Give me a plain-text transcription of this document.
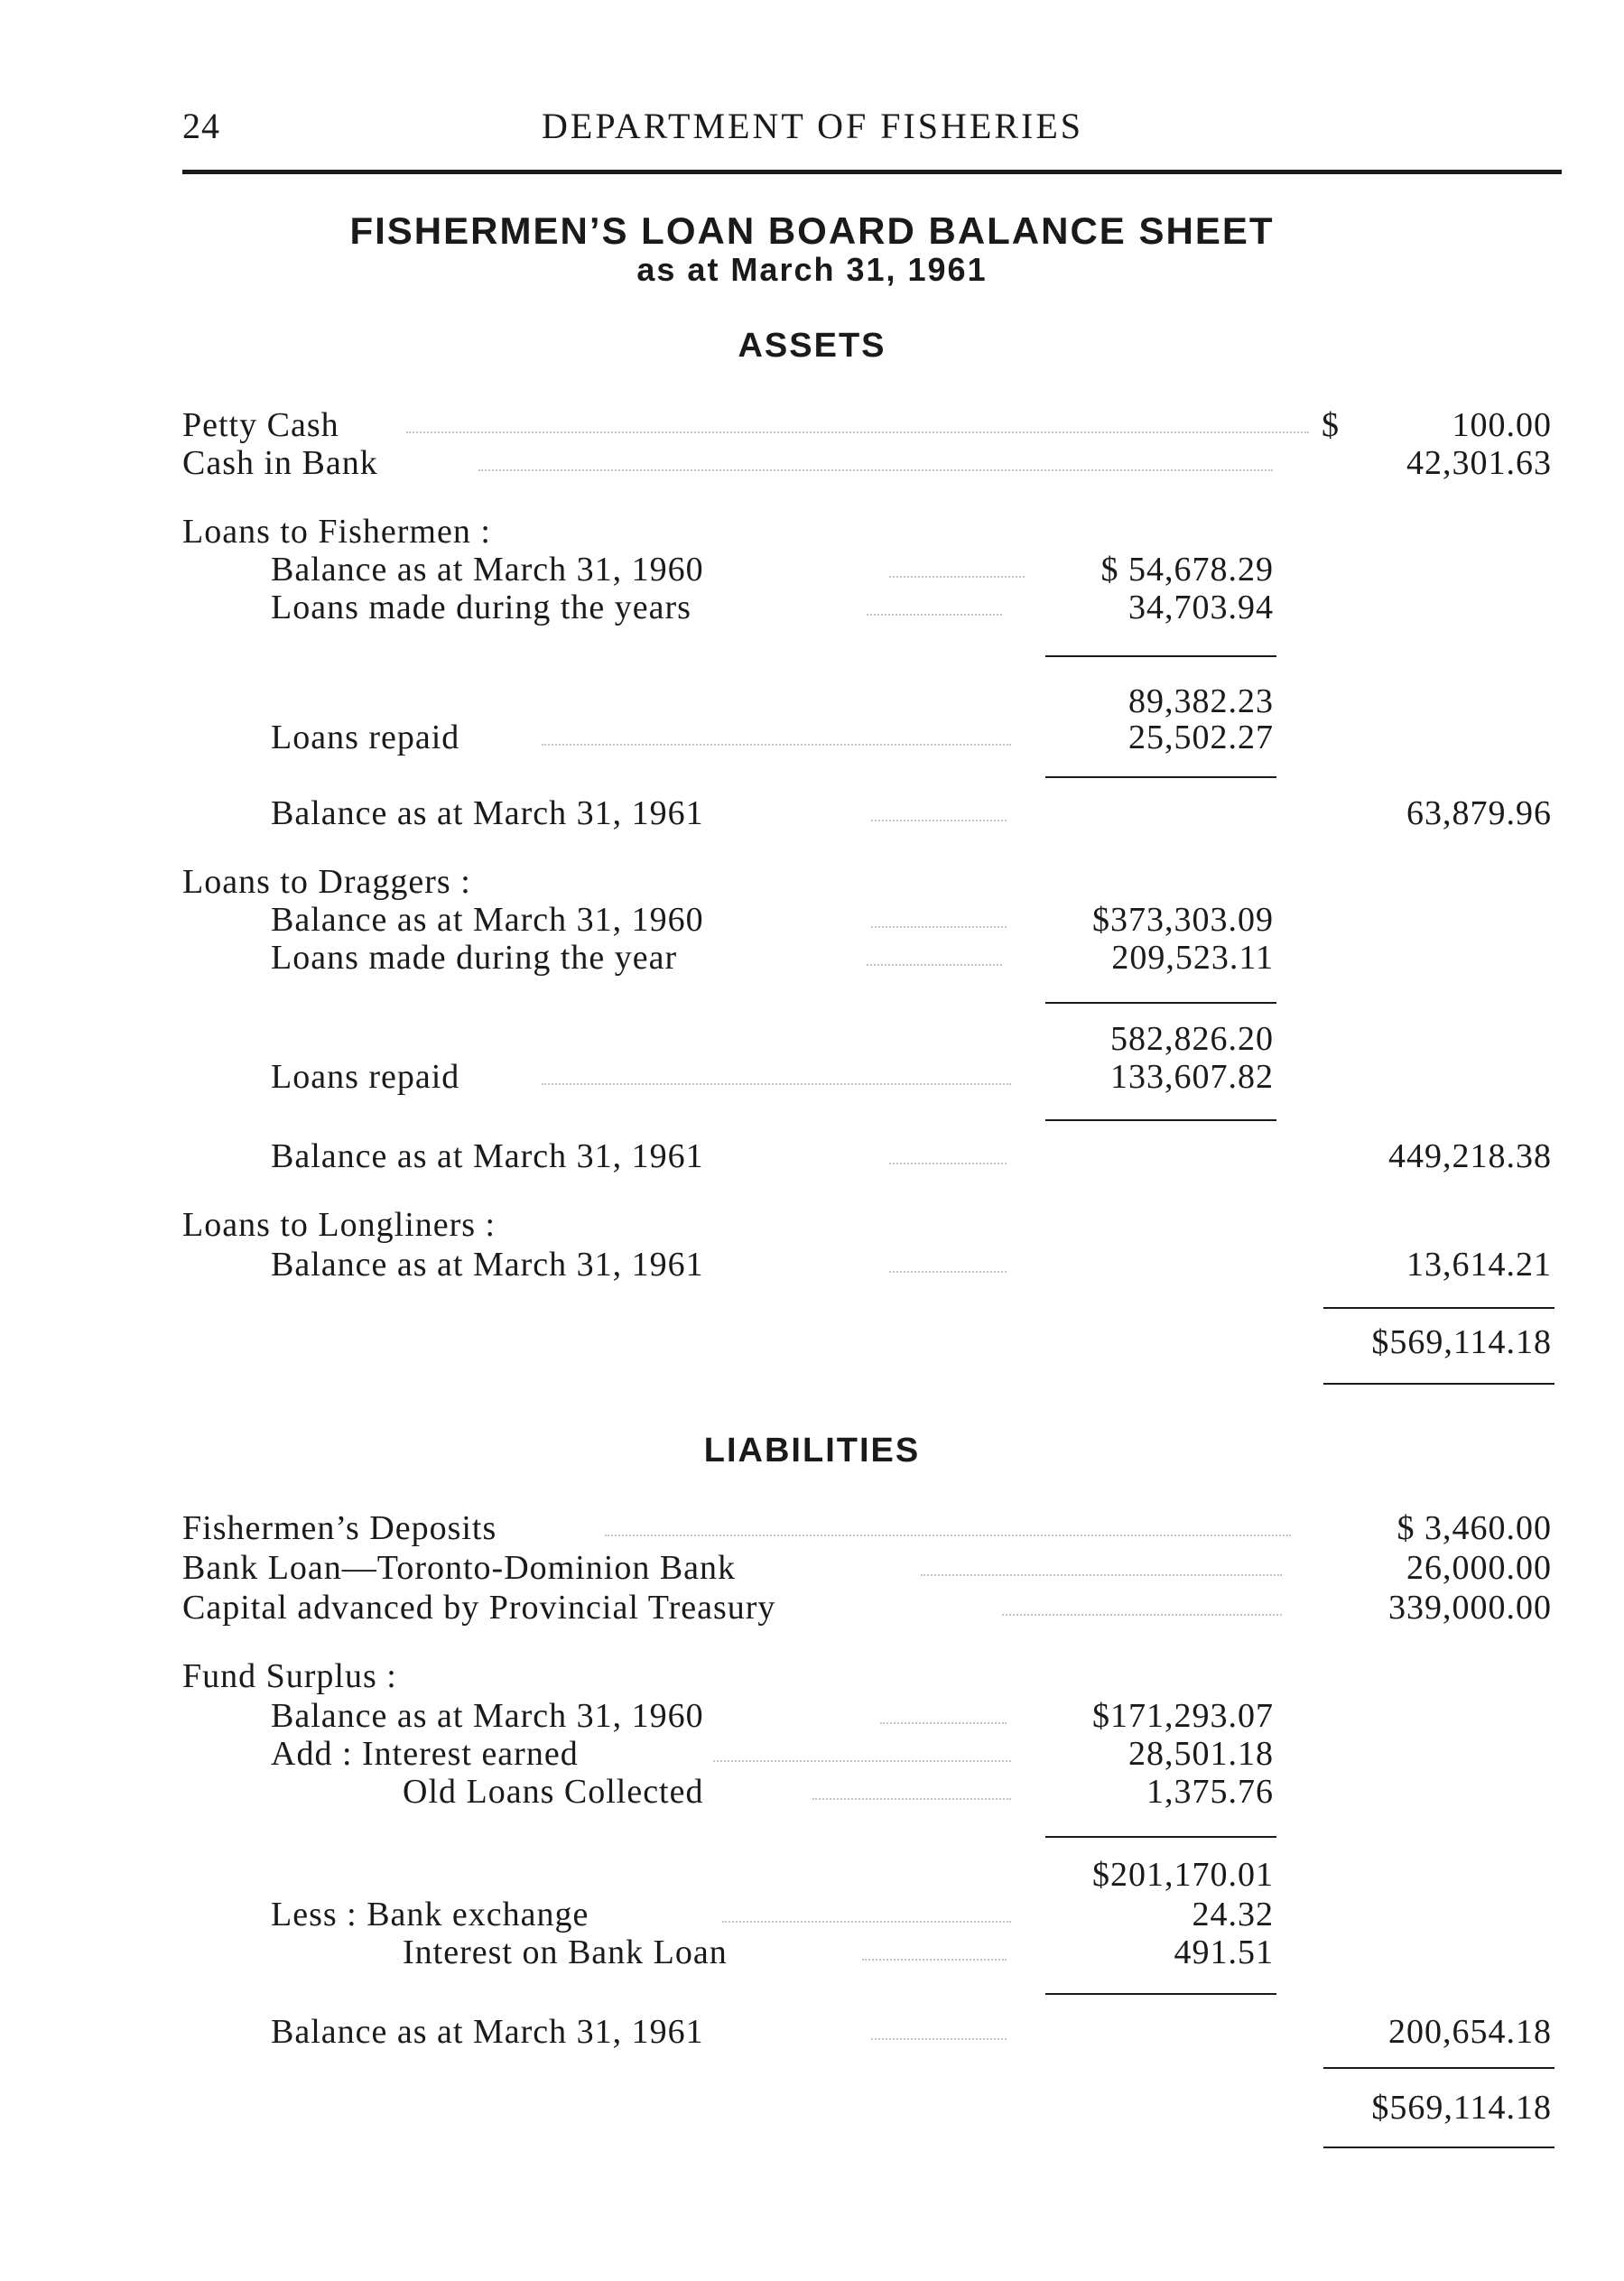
24	DEPARTMENT OF FISHERIES
FISHERMEN’S LOAN BOARD BALANCE SHEET
as at March 31, 1961
ASSETS
Petty Cash	$	100.00
Cash in Bank	42,301.63
Loans to Fishermen :
Balance as at March 31, 1960	$ 54,678.29
Loans made during the years	34,703.94
89,382.23
Loans repaid	25,502.27
Balance as at March 31, 1961	63,879.96
Loans to Draggers :
Balance as at March 31, 1960	$373,303.09
Loans made during the year	209,523.11
582,826.20
Loans repaid	133,607.82
Balance as at March 31, 1961	449,218.38
Loans to Longliners :
Balance as at March 31, 1961	13,614.21
$569,114.18
LIABILITIES
Fishermen’s Deposits	$ 3,460.00
Bank Loan—Toronto-Dominion Bank	26,000.00
Capital advanced by Provincial Treasury	339,000.00
Fund Surplus :
Balance as at March 31, 1960	$171,293.07
Add : Interest earned	28,501.18
Old Loans Collected	1,375.76
$201,170.01
Less : Bank exchange	24.32
Interest on Bank Loan	491.51
Balance as at March 31, 1961	200,654.18
$569,114.18
